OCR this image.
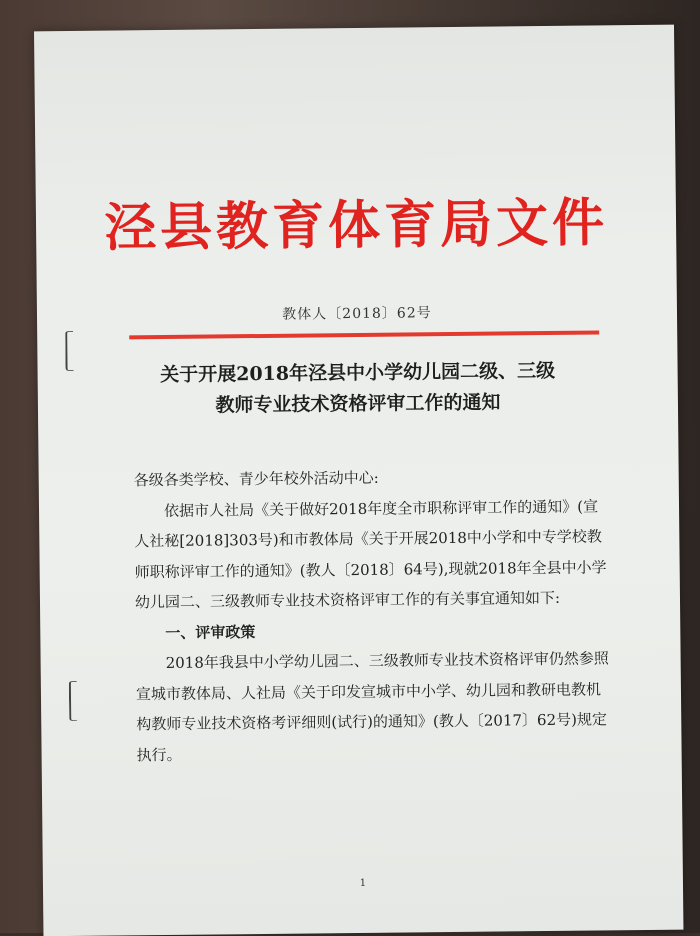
泾县教育体育局文件
教体人〔2018〕62号
关于开展2018年泾县中小学幼儿园二级、三级
教师专业技术资格评审工作的通知

各级各类学校、青少年校外活动中心:

依据市人社局《关于做好2018年度全市职称评审工作的通知》(宣人社秘[2018]303号)和市教体局《关于开展2018中小学和中专学校教师职称评审工作的通知》(教人〔2018〕64号),现就2018年全县中小学幼儿园二、三级教师专业技术资格评审工作的有关事宜通知如下:

一、评审政策

2018年我县中小学幼儿园二、三级教师专业技术资格评审仍然参照宣城市教体局、人社局《关于印发宣城市中小学、幼儿园和教研电教机构教师专业技术资格考评细则(试行)的通知》(教人〔2017〕62号)规定执行。

1
